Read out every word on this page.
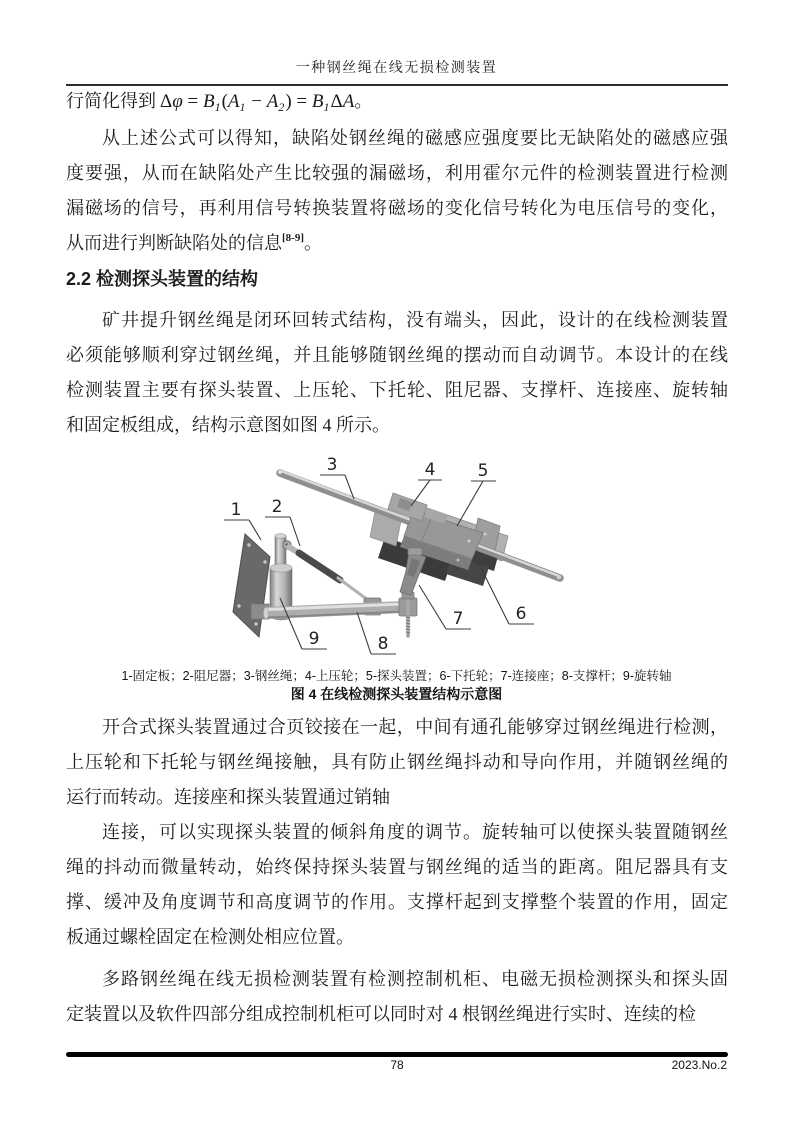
一种钢丝绳在线无损检测装置
行简化得到 $\Delta\varphi = B_1(A_1 - A_2) = B_1\Delta A$。
从上述公式可以得知，缺陷处钢丝绳的磁感应强度要比无缺陷处的磁感应强
度要强，从而在缺陷处产生比较强的漏磁场，利用霍尔元件的检测装置进行检测
漏磁场的信号，再利用信号转换装置将磁场的变化信号转化为电压信号的变化，
从而进行判断缺陷处的信息[8-9]。
2.2 检测探头装置的结构
矿井提升钢丝绳是闭环回转式结构，没有端头，因此，设计的在线检测装置
必须能够顺利穿过钢丝绳，并且能够随钢丝绳的摆动而自动调节。本设计的在线
检测装置主要有探头装置、上压轮、下托轮、阻尼器、支撑杆、连接座、旋转轴
和固定板组成，结构示意图如图 4 所示。
1 2
3	4 5
6
7
8
9
1-固定板；2-阻尼器；3-钢丝绳；4-上压轮；5-探头装置；6-下托轮；7-连接座；8-支撑杆；9-旋转轴
图 4 在线检测探头装置结构示意图
开合式探头装置通过合页铰接在一起，中间有通孔能够穿过钢丝绳进行检测，
上压轮和下托轮与钢丝绳接触，具有防止钢丝绳抖动和导向作用，并随钢丝绳的
运行而转动。连接座和探头装置通过销轴
连接，可以实现探头装置的倾斜角度的调节。旋转轴可以使探头装置随钢丝
绳的抖动而微量转动，始终保持探头装置与钢丝绳的适当的距离。阻尼器具有支
撑、缓冲及角度调节和高度调节的作用。支撑杆起到支撑整个装置的作用，固定
板通过螺栓固定在检测处相应位置。
多路钢丝绳在线无损检测装置有检测控制机柜、电磁无损检测探头和探头固
定装置以及软件四部分组成控制机柜可以同时对 4 根钢丝绳进行实时、连续的检
78	2023.No.2
